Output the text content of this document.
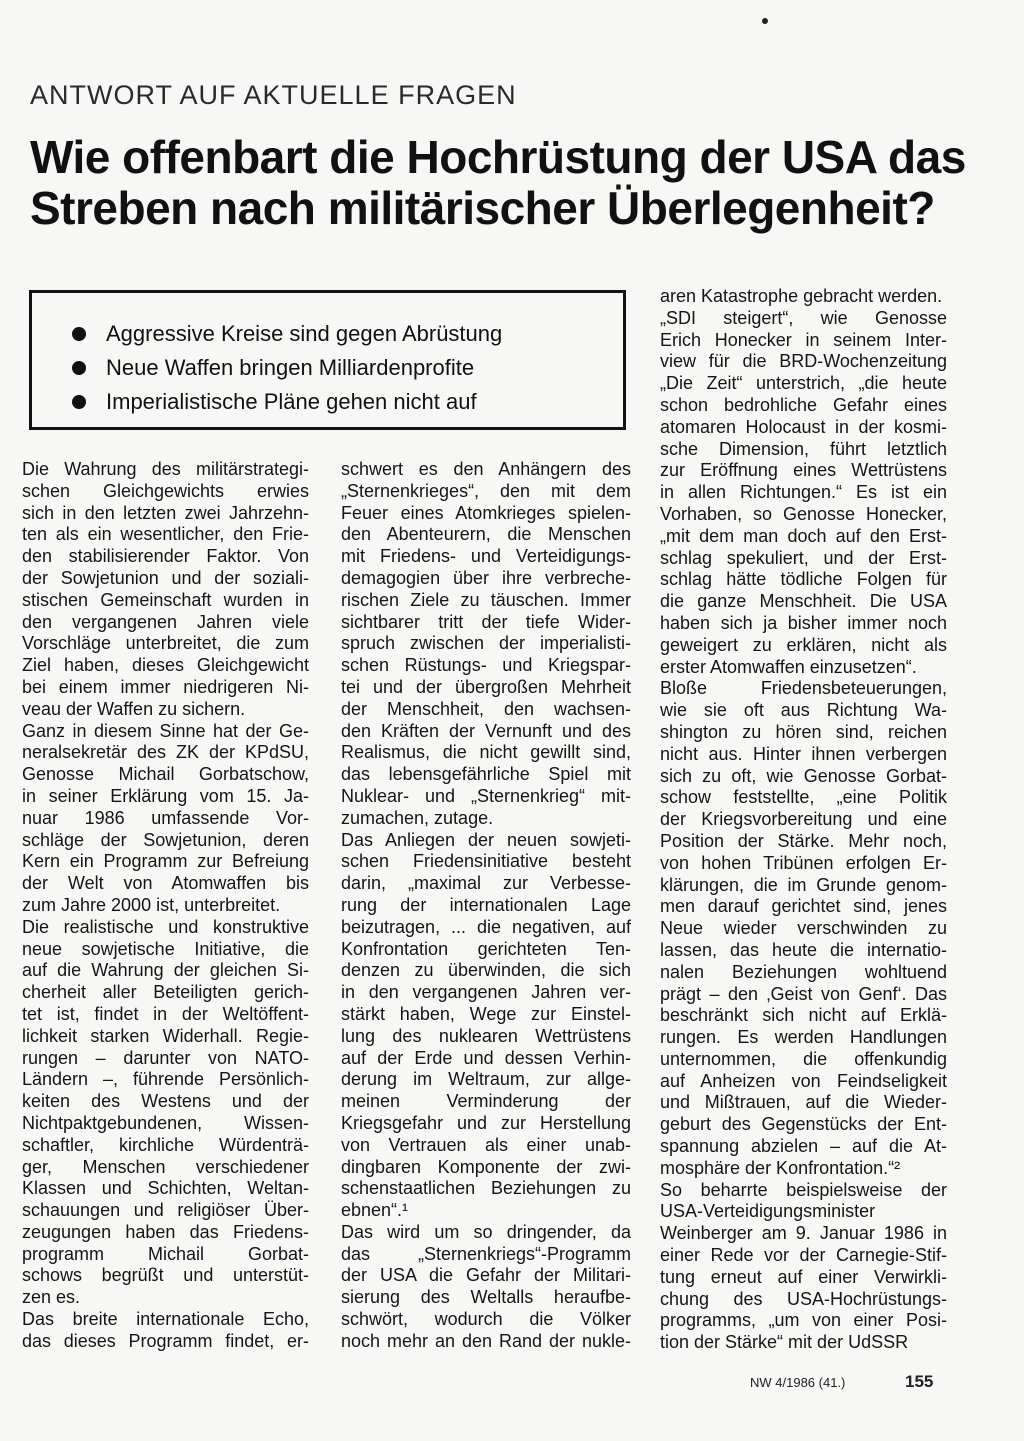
ANTWORT AUF AKTUELLE FRAGEN
Wie offenbart die Hochrüstung der USA das
Streben nach militärischer Überlegenheit?
Aggressive Kreise sind gegen Abrüstung
Neue Waffen bringen Milliardenprofite
Imperialistische Pläne gehen nicht auf
Die Wahrung des militärstrategi-
schen Gleichgewichts erwies
sich in den letzten zwei Jahrzehn-
ten als ein wesentlicher, den Frie-
den stabilisierender Faktor. Von
der Sowjetunion und der soziali-
stischen Gemeinschaft wurden in
den vergangenen Jahren viele
Vorschläge unterbreitet, die zum
Ziel haben, dieses Gleichgewicht
bei einem immer niedrigeren Ni-
veau der Waffen zu sichern.
Ganz in diesem Sinne hat der Ge-
neralsekretär des ZK der KPdSU,
Genosse Michail Gorbatschow,
in seiner Erklärung vom 15. Ja-
nuar 1986 umfassende Vor-
schläge der Sowjetunion, deren
Kern ein Programm zur Befreiung
der Welt von Atomwaffen bis
zum Jahre 2000 ist, unterbreitet.
Die realistische und konstruktive
neue sowjetische Initiative, die
auf die Wahrung der gleichen Si-
cherheit aller Beteiligten gerich-
tet ist, findet in der Weltöffent-
lichkeit starken Widerhall. Regie-
rungen – darunter von NATO-
Ländern –, führende Persönlich-
keiten des Westens und der
Nichtpaktgebundenen, Wissen-
schaftler, kirchliche Würdenträ-
ger, Menschen verschiedener
Klassen und Schichten, Weltan-
schauungen und religiöser Über-
zeugungen haben das Friedens-
programm Michail Gorbat-
schows begrüßt und unterstüt-
zen es.
Das breite internationale Echo,
das dieses Programm findet, er-
schwert es den Anhängern des
„Sternenkrieges“, den mit dem
Feuer eines Atomkrieges spielen-
den Abenteurern, die Menschen
mit Friedens- und Verteidigungs-
demagogien über ihre verbreche-
rischen Ziele zu täuschen. Immer
sichtbarer tritt der tiefe Wider-
spruch zwischen der imperialisti-
schen Rüstungs- und Kriegspar-
tei und der übergroßen Mehrheit
der Menschheit, den wachsen-
den Kräften der Vernunft und des
Realismus, die nicht gewillt sind,
das lebensgefährliche Spiel mit
Nuklear- und „Sternenkrieg“ mit-
zumachen, zutage.
Das Anliegen der neuen sowjeti-
schen Friedensinitiative besteht
darin, „maximal zur Verbesse-
rung der internationalen Lage
beizutragen, ... die negativen, auf
Konfrontation gerichteten Ten-
denzen zu überwinden, die sich
in den vergangenen Jahren ver-
stärkt haben, Wege zur Einstel-
lung des nuklearen Wettrüstens
auf der Erde und dessen Verhin-
derung im Weltraum, zur allge-
meinen Verminderung der
Kriegsgefahr und zur Herstellung
von Vertrauen als einer unab-
dingbaren Komponente der zwi-
schenstaatlichen Beziehungen zu
ebnen“.¹
Das wird um so dringender, da
das „Sternenkriegs“-Programm
der USA die Gefahr der Militari-
sierung des Weltalls heraufbe-
schwört, wodurch die Völker
noch mehr an den Rand der nukle-
aren Katastrophe gebracht werden.
„SDI steigert“, wie Genosse
Erich Honecker in seinem Inter-
view für die BRD-Wochenzeitung
„Die Zeit“ unterstrich, „die heute
schon bedrohliche Gefahr eines
atomaren Holocaust in der kosmi-
sche Dimension, führt letztlich
zur Eröffnung eines Wettrüstens
in allen Richtungen.“ Es ist ein
Vorhaben, so Genosse Honecker,
„mit dem man doch auf den Erst-
schlag spekuliert, und der Erst-
schlag hätte tödliche Folgen für
die ganze Menschheit. Die USA
haben sich ja bisher immer noch
geweigert zu erklären, nicht als
erster Atomwaffen einzusetzen“.
Bloße Friedensbeteuerungen,
wie sie oft aus Richtung Wa-
shington zu hören sind, reichen
nicht aus. Hinter ihnen verbergen
sich zu oft, wie Genosse Gorbat-
schow feststellte, „eine Politik
der Kriegsvorbereitung und eine
Position der Stärke. Mehr noch,
von hohen Tribünen erfolgen Er-
klärungen, die im Grunde genom-
men darauf gerichtet sind, jenes
Neue wieder verschwinden zu
lassen, das heute die internatio-
nalen Beziehungen wohltuend
prägt – den ‚Geist von Genf‘. Das
beschränkt sich nicht auf Erklä-
rungen. Es werden Handlungen
unternommen, die offenkundig
auf Anheizen von Feindseligkeit
und Mißtrauen, auf die Wieder-
geburt des Gegenstücks der Ent-
spannung abzielen – auf die At-
mosphäre der Konfrontation.“²
So beharrte beispielsweise der
USA-Verteidigungsminister
Weinberger am 9. Januar 1986 in
einer Rede vor der Carnegie-Stif-
tung erneut auf einer Verwirkli-
chung des USA-Hochrüstungs-
programms, „um von einer Posi-
tion der Stärke“ mit der UdSSR
NW 4/1986 (41.)	155
